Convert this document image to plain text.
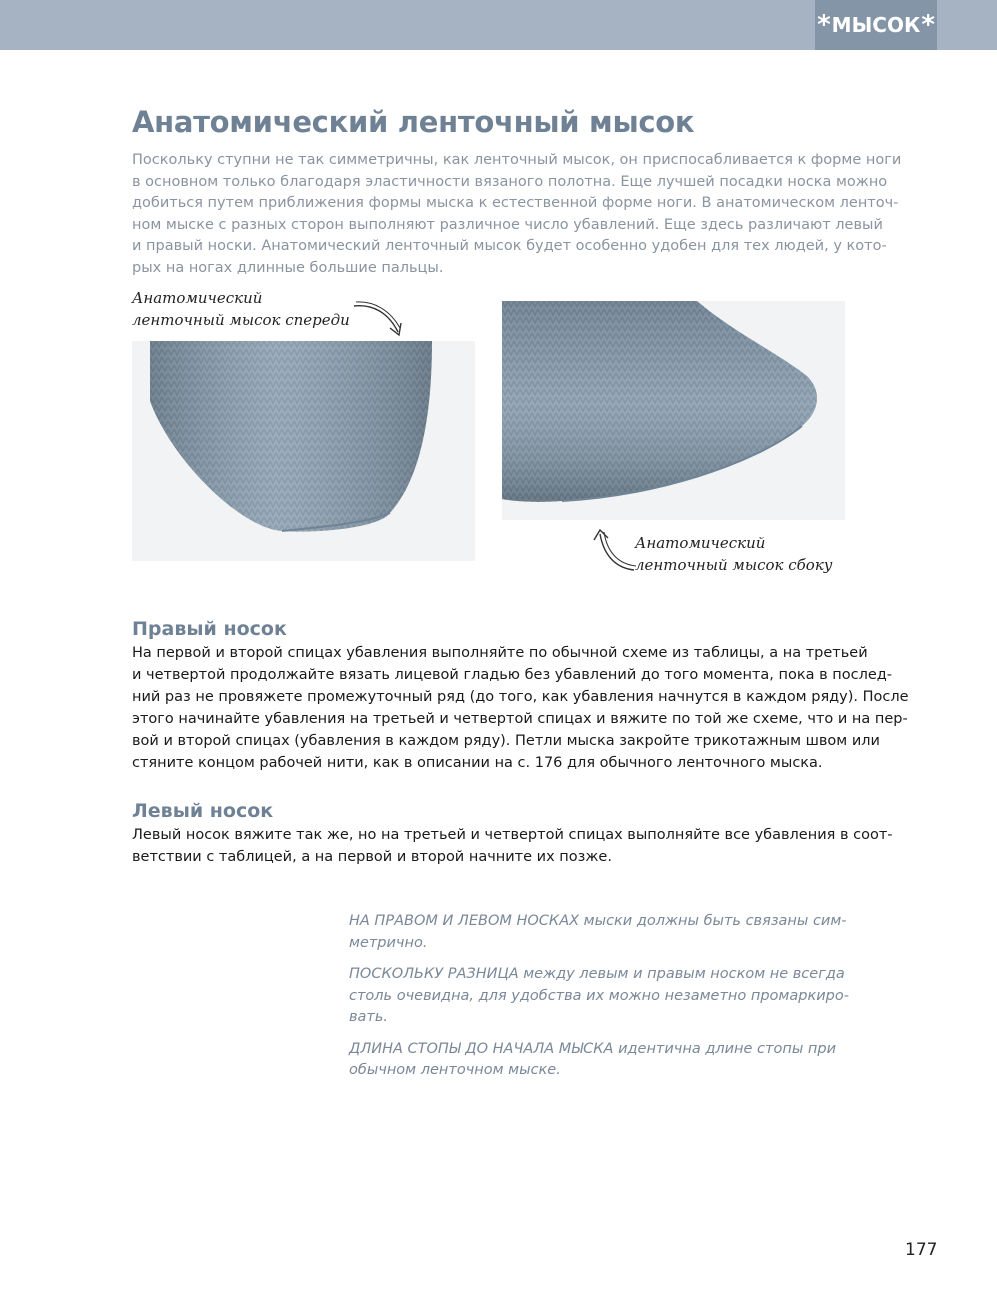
* МЫСОК *
Анатомический ленточный мысок
Поскольку ступни не так симметричны, как ленточный мысок, он приспосабливается к форме ноги
в основном только благодаря эластичности вязаного полотна. Еще лучшей посадки носка можно
добиться путем приближения формы мыска к естественной форме ноги. В анатомическом ленточ-
ном мыске с разных сторон выполняют различное число убавлений. Еще здесь различают левый
и правый носки. Анатомический ленточный мысок будет особенно удобен для тех людей, у кото-
рых на ногах длинные большие пальцы.
Анатомический
ленточный мысок спереди
Анатомический
ленточный мысок сбоку
Правый носок
На первой и второй спицах убавления выполняйте по обычной схеме из таблицы, а на третьей
и четвертой продолжайте вязать лицевой гладью без убавлений до того момента, пока в послед-
ний раз не провяжете промежуточный ряд (до того, как убавления начнутся в каждом ряду). После
этого начинайте убавления на третьей и четвертой спицах и вяжите по той же схеме, что и на пер-
вой и второй спицах (убавления в каждом ряду). Петли мыска закройте трикотажным швом или
стяните концом рабочей нити, как в описании на с. 176 для обычного ленточного мыска.
Левый носок
Левый носок вяжите так же, но на третьей и четвертой спицах выполняйте все убавления в соот-
ветствии с таблицей, а на первой и второй начните их позже.

НА ПРАВОМ И ЛЕВОМ НОСКАХ мыски должны быть связаны сим-
метрично.

ПОСКОЛЬКУ РАЗНИЦА между левым и правым носком не всегда
столь очевидна, для удобства их можно незаметно промаркиро-
вать.

ДЛИНА СТОПЫ ДО НАЧАЛА МЫСКА идентична длине стопы при
обычном ленточном мыске.

177
